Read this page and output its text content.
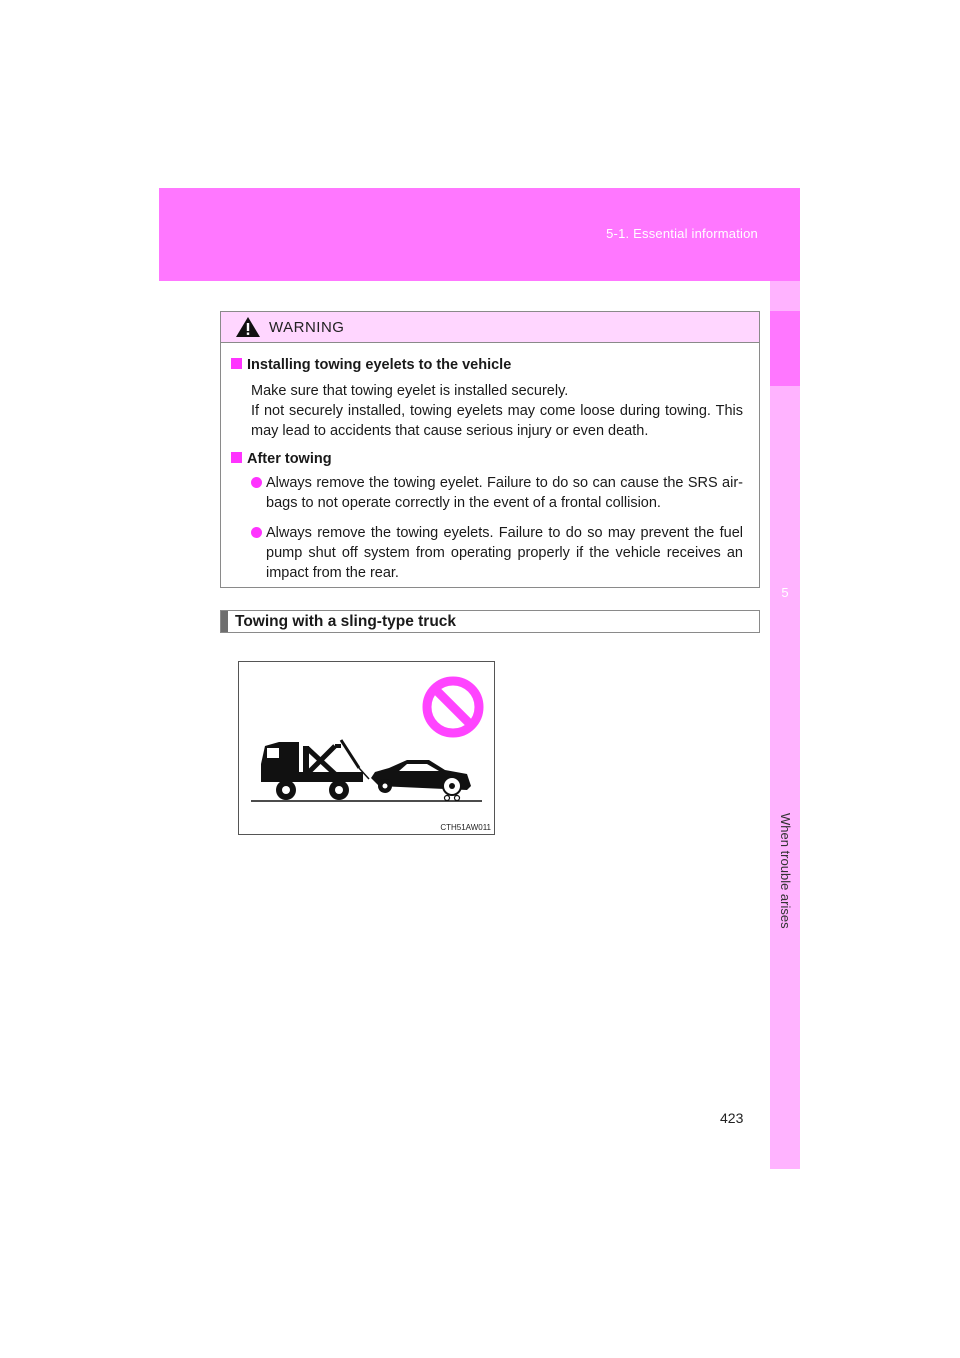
5-1. Essential information
5
When trouble arises
WARNING
Installing towing eyelets to the vehicle
Make sure that towing eyelet is installed securely.
If not securely installed, towing eyelets may come loose during towing. This may lead to accidents that cause serious injury or even death.
After towing
Always remove the towing eyelet. Failure to do so can cause the SRS air-bags to not operate correctly in the event of a frontal collision.
Always remove the towing eyelets. Failure to do so may prevent the fuel pump shut off system from operating properly if the vehicle receives an impact from the rear.
Towing with a sling-type truck
CTH51AW011
423
